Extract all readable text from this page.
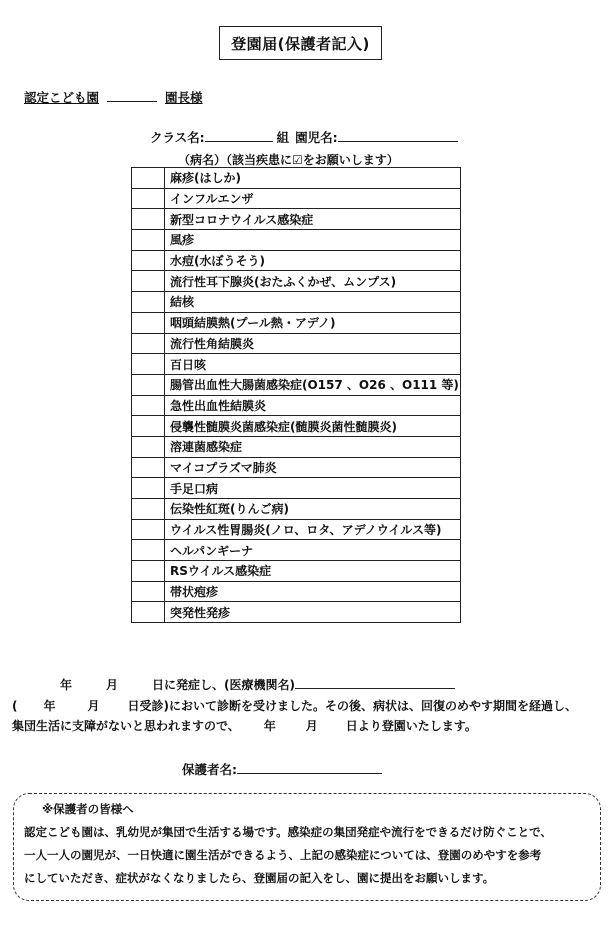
登園届(保護者記入)
認定こども園	園長様
クラス名:	組 園児名:
（病名）（該当疾患に☑をお願いします）
	麻疹(はしか)
	インフルエンザ
	新型コロナウイルス感染症
	風疹
	水痘(水ぼうそう)
	流行性耳下腺炎(おたふくかぜ、ムンプス)
	結核
	咽頭結膜熱(プール熱・アデノ)
	流行性角結膜炎
	百日咳
	腸管出血性大腸菌感染症(O157 、O26 、O111 等)
	急性出血性結膜炎
	侵襲性髄膜炎菌感染症(髄膜炎菌性髄膜炎)
	溶連菌感染症
	マイコプラズマ肺炎
	手足口病
	伝染性紅斑(りんご病)
	ウイルス性胃腸炎(ノロ、ロタ、アデノウイルス等)
	ヘルパンギーナ
	RSウイルス感染症
	帯状疱疹
	突発性発疹
年	月	日に発症し、(医療機関名)
( 年	月 日受診)において診断を受けました。その後、病状は、回復のめやす期間を経過し、
集団生活に支障がないと思われますので、 年	月 日より登園いたします。
保護者名:
※保護者の皆様へ
認定こども園は、乳幼児が集団で生活する場です。感染症の集団発症や流行をできるだけ防ぐことで、
一人一人の園児が、一日快適に園生活ができるよう、上記の感染症については、登園のめやすを参考
にしていただき、症状がなくなりましたら、登園届の記入をし、園に提出をお願いします。
